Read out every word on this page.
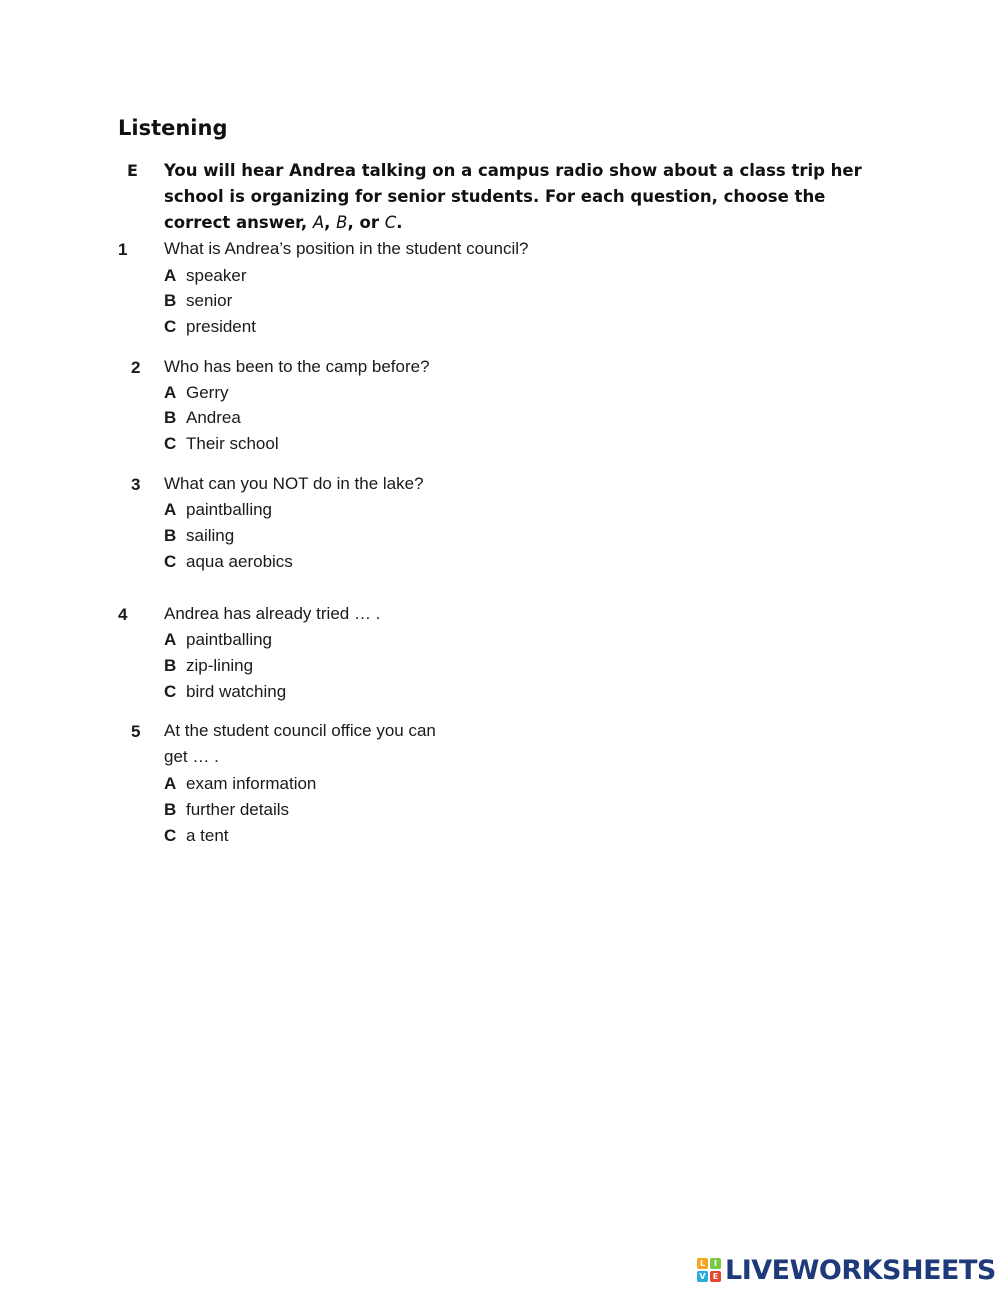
Listening
E You will hear Andrea talking on a campus radio show about a class trip her school is organizing for senior students. For each question, choose the correct answer, A, B, or C.
1 What is Andrea’s position in the student council?
A speaker
B senior
C president
2 Who has been to the camp before?
A Gerry
B Andrea
C Their school
3 What can you NOT do in the lake?
A paintballing
B sailing
C aqua aerobics
4 Andrea has already tried … .
A paintballing
B zip-lining
C bird watching
5 At the student council office you can
get … .
A exam information
B further details
C a tent
L	I
V E LIVEWORKSHEETS
